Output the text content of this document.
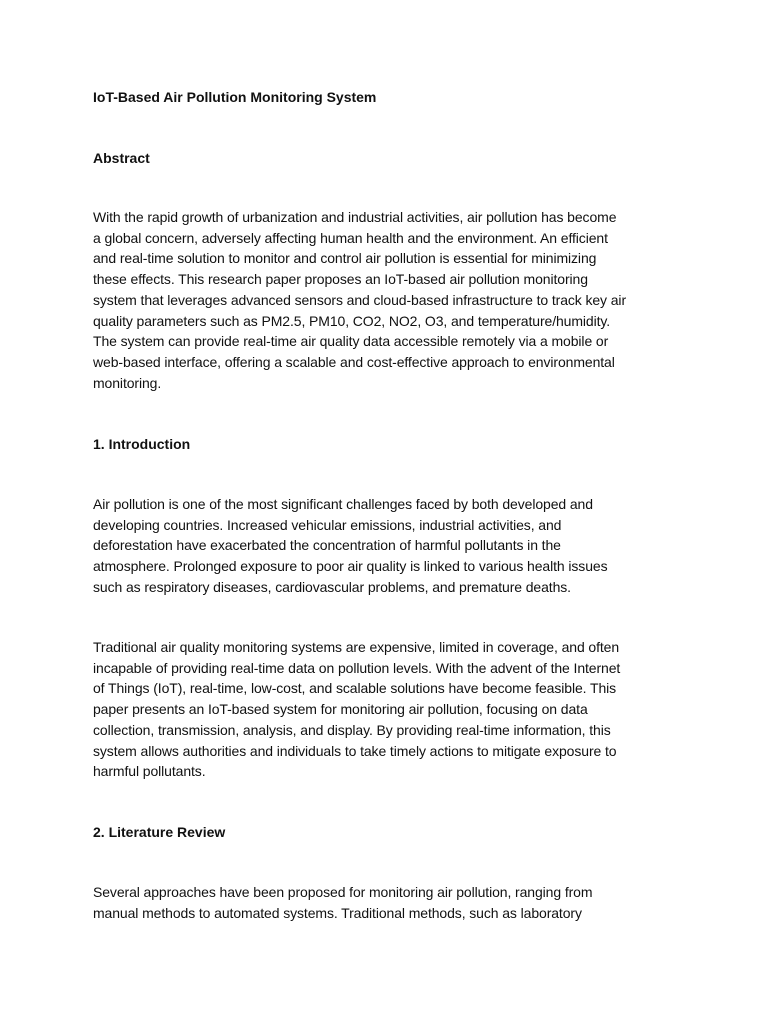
IoT-Based Air Pollution Monitoring System
Abstract

With the rapid growth of urbanization and industrial activities, air pollution has become
a global concern, adversely affecting human health and the environment. An efficient
and real-time solution to monitor and control air pollution is essential for minimizing
these effects. This research paper proposes an IoT-based air pollution monitoring
system that leverages advanced sensors and cloud-based infrastructure to track key air
quality parameters such as PM2.5, PM10, CO2, NO2, O3, and temperature/humidity.
The system can provide real-time air quality data accessible remotely via a mobile or
web-based interface, offering a scalable and cost-effective approach to environmental
monitoring.

1. Introduction

Air pollution is one of the most significant challenges faced by both developed and
developing countries. Increased vehicular emissions, industrial activities, and
deforestation have exacerbated the concentration of harmful pollutants in the
atmosphere. Prolonged exposure to poor air quality is linked to various health issues
such as respiratory diseases, cardiovascular problems, and premature deaths.

Traditional air quality monitoring systems are expensive, limited in coverage, and often
incapable of providing real-time data on pollution levels. With the advent of the Internet
of Things (IoT), real-time, low-cost, and scalable solutions have become feasible. This
paper presents an IoT-based system for monitoring air pollution, focusing on data
collection, transmission, analysis, and display. By providing real-time information, this
system allows authorities and individuals to take timely actions to mitigate exposure to
harmful pollutants.

2. Literature Review

Several approaches have been proposed for monitoring air pollution, ranging from
manual methods to automated systems. Traditional methods, such as laboratory
